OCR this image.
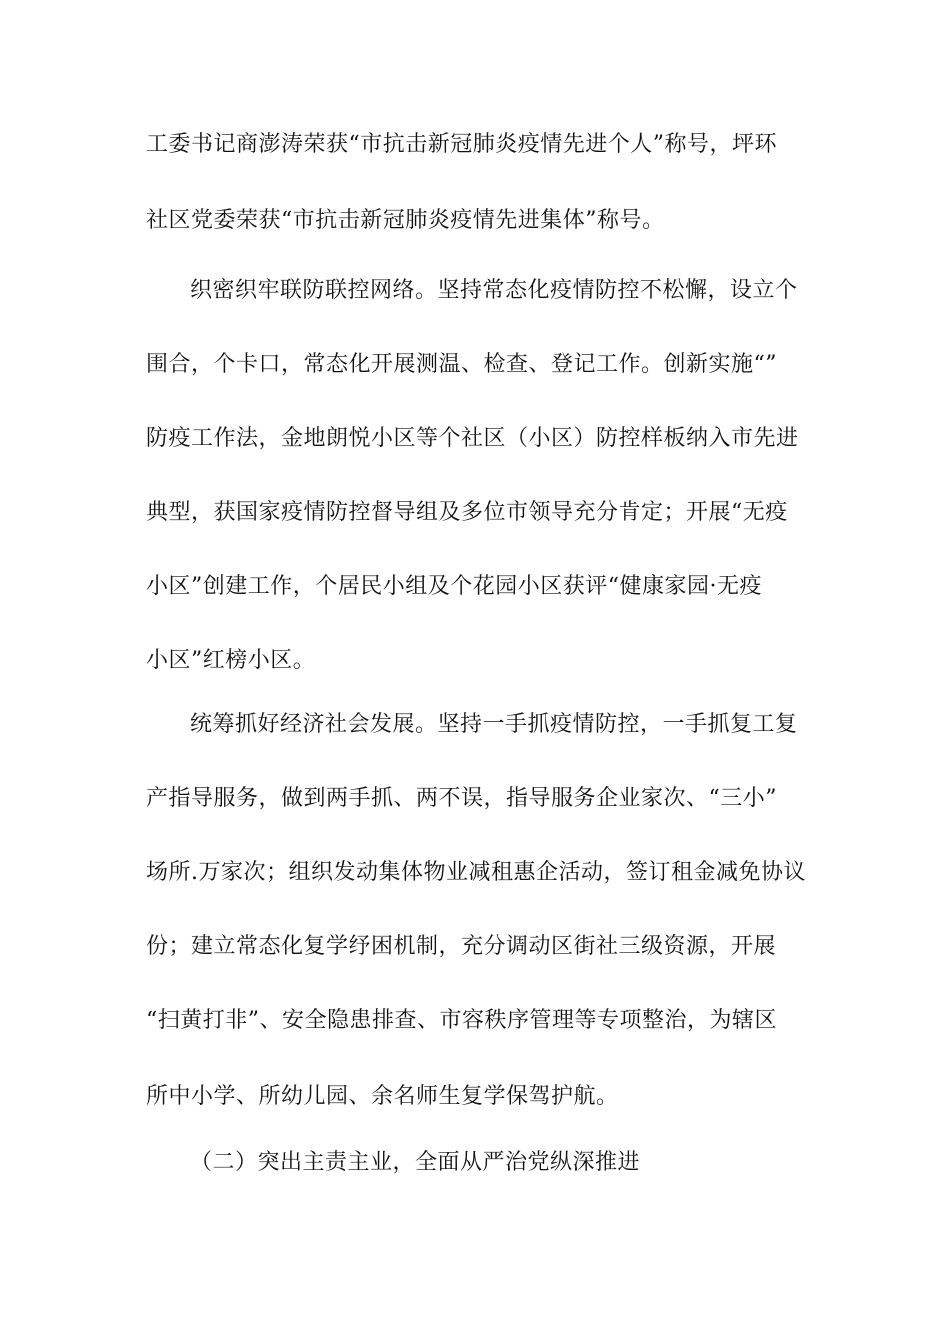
工委书记商澎涛荣获“市抗击新冠肺炎疫情先进个人”称号，坪环
社区党委荣获“市抗击新冠肺炎疫情先进集体”称号。
织密织牢联防联控网络。坚持常态化疫情防控不松懈，设立个
围合，个卡口，常态化开展测温、检查、登记工作。创新实施“”
防疫工作法，金地朗悦小区等个社区（小区）防控样板纳入市先进
典型，获国家疫情防控督导组及多位市领导充分肯定；开展“无疫
小区”创建工作，个居民小组及个花园小区获评“健康家园·无疫
小区”红榜小区。
统筹抓好经济社会发展。坚持一手抓疫情防控，一手抓复工复
产指导服务，做到两手抓、两不误，指导服务企业家次、“三小”
场所.万家次；组织发动集体物业减租惠企活动，签订租金减免协议
份；建立常态化复学纾困机制，充分调动区街社三级资源，开展
“扫黄打非”、安全隐患排查、市容秩序管理等专项整治，为辖区
所中小学、所幼儿园、余名师生复学保驾护航。
（二）突出主责主业，全面从严治党纵深推进
